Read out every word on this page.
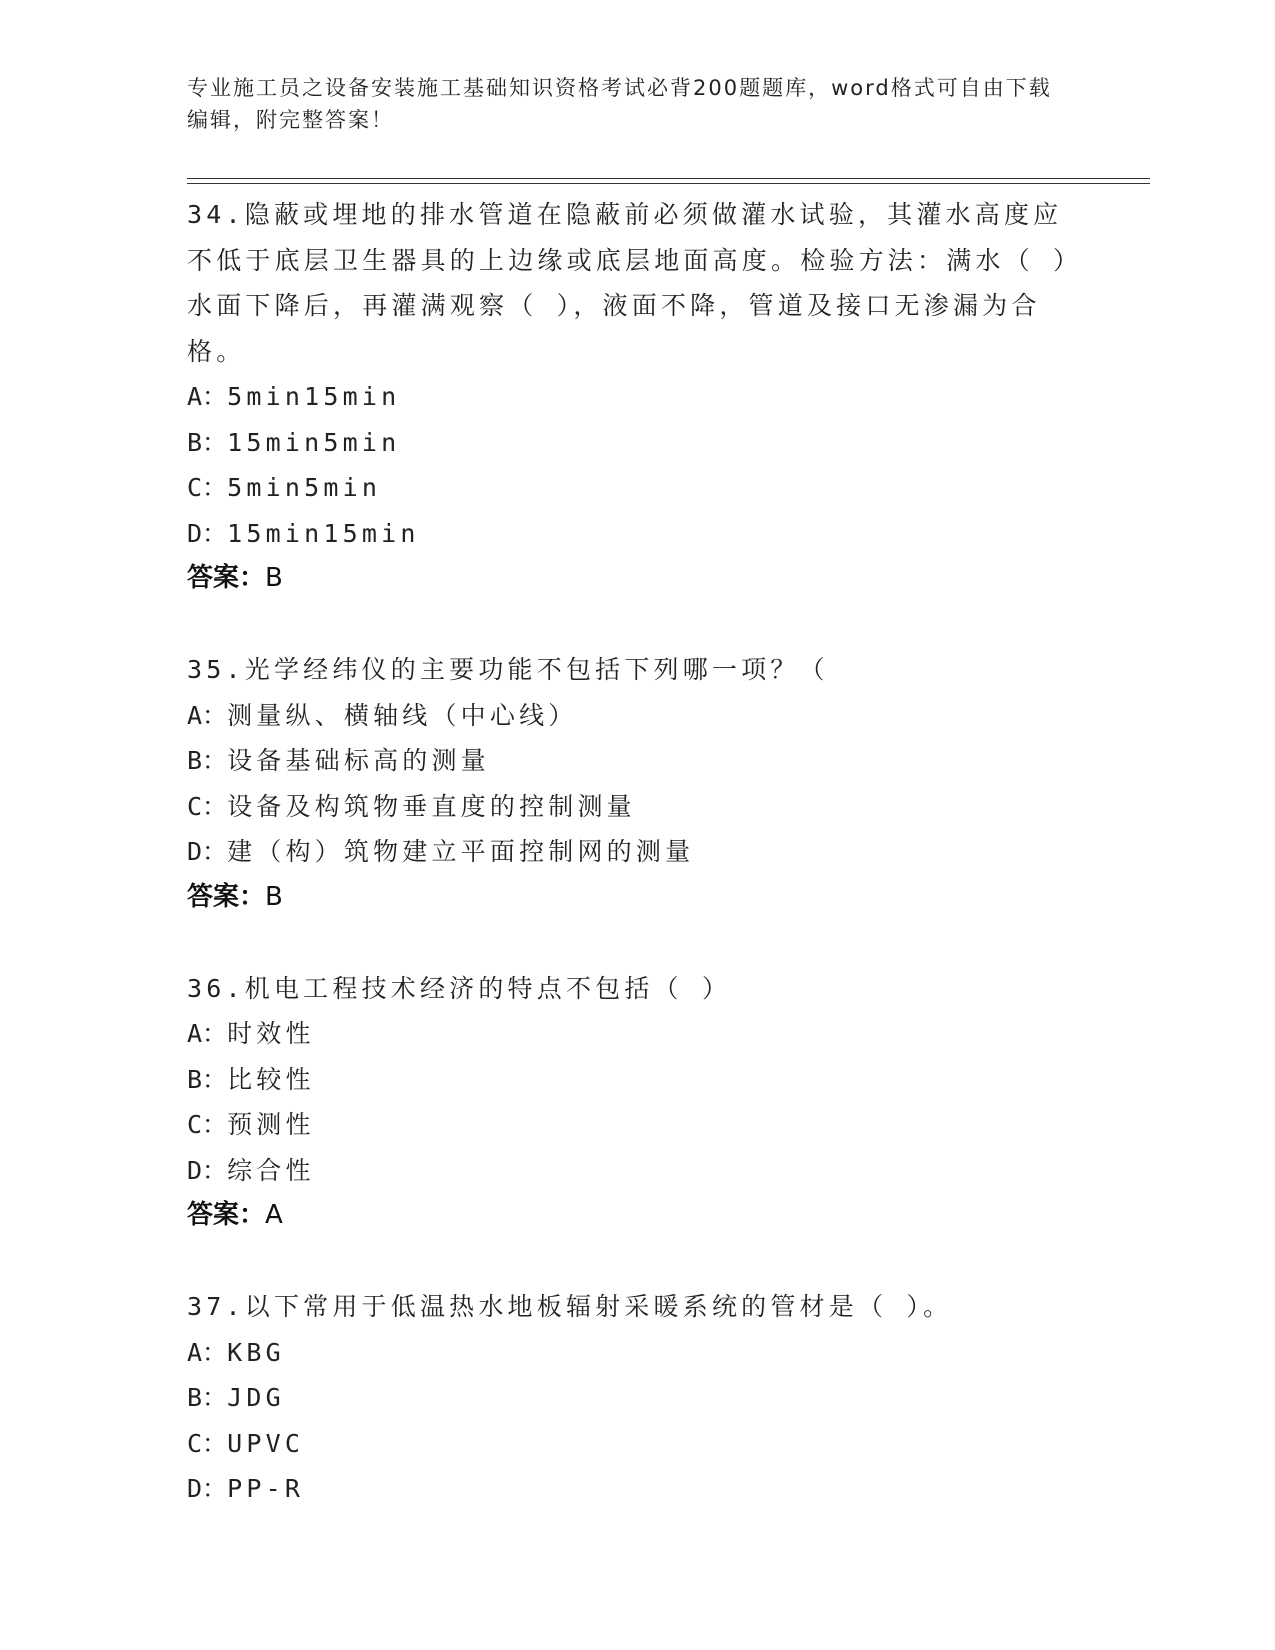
专业施工员之设备安装施工基础知识资格考试必背200题题库，word格式可自由下载编辑，附完整答案！
34.隐蔽或埋地的排水管道在隐蔽前必须做灌水试验，其灌水高度应不低于底层卫生器具的上边缘或底层地面高度。检验方法：满水（ ）水面下降后，再灌满观察（ ），液面不降，管道及接口无渗漏为合格。
A：5min15min
B：15min5min
C：5min5min
D：15min15min
答案：B
35.光学经纬仪的主要功能不包括下列哪一项？（
A：测量纵、横轴线（中心线）
B：设备基础标高的测量
C：设备及构筑物垂直度的控制测量
D：建（构）筑物建立平面控制网的测量
答案：B
36.机电工程技术经济的特点不包括（ ）
A：时效性
B：比较性
C：预测性
D：综合性
答案：A
37.以下常用于低温热水地板辐射采暖系统的管材是（ ）。
A：KBG
B：JDG
C：UPVC
D：PP-R
